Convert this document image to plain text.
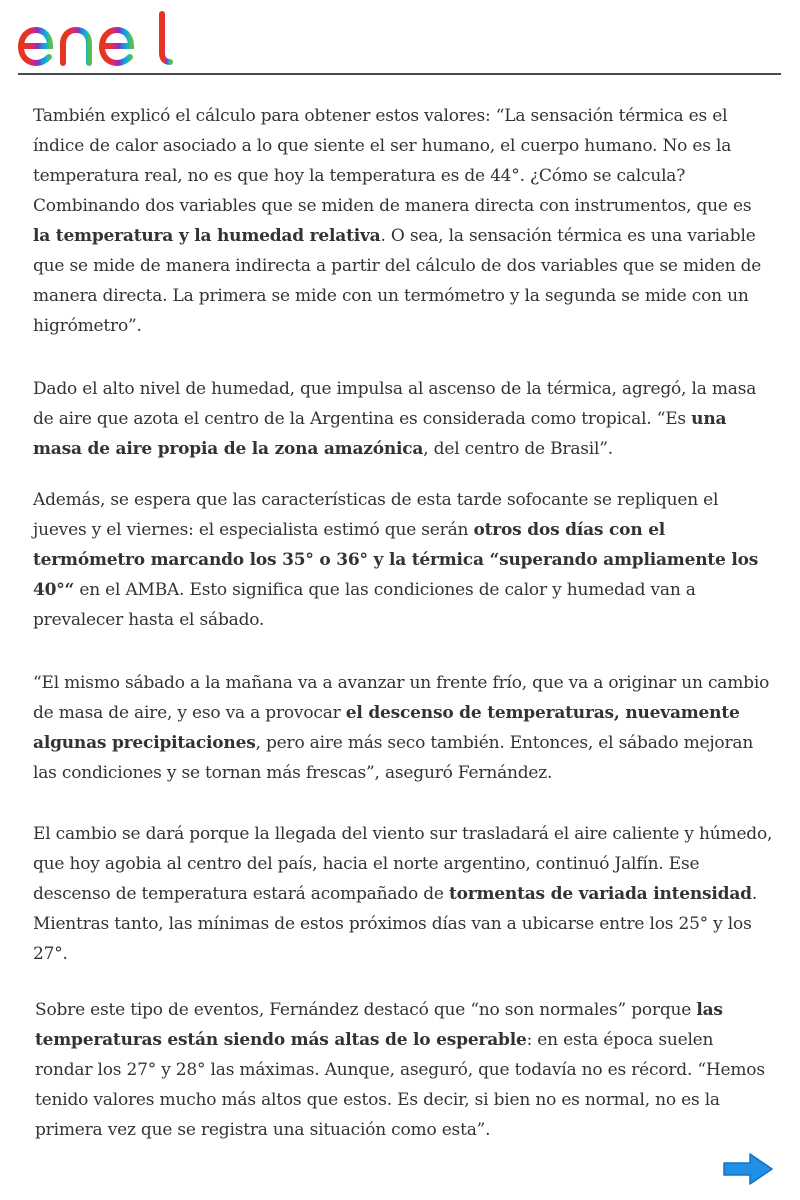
También explicó el cálculo para obtener estos valores: “La sensación térmica es el índice de calor asociado a lo que siente el ser humano, el cuerpo humano. No es la temperatura real, no es que hoy la temperatura es de 44°. ¿Cómo se calcula? Combinando dos variables que se miden de manera directa con instrumentos, que es la temperatura y la humedad relativa. O sea, la sensación térmica es una variable que se mide de manera indirecta a partir del cálculo de dos variables que se miden de manera directa. La primera se mide con un termómetro y la segunda se mide con un higrómetro”.

Dado el alto nivel de humedad, que impulsa al ascenso de la térmica, agregó, la masa de aire que azota el centro de la Argentina es considerada como tropical. “Es una masa de aire propia de la zona amazónica, del centro de Brasil”.

Además, se espera que las características de esta tarde sofocante se repliquen el jueves y el viernes: el especialista estimó que serán otros dos días con el termómetro marcando los 35° o 36° y la térmica “superando ampliamente los 40°“ en el AMBA. Esto significa que las condiciones de calor y humedad van a prevalecer hasta el sábado.

“El mismo sábado a la mañana va a avanzar un frente frío, que va a originar un cambio de masa de aire, y eso va a provocar el descenso de temperaturas, nuevamente algunas precipitaciones, pero aire más seco también. Entonces, el sábado mejoran las condiciones y se tornan más frescas”, aseguró Fernández.

El cambio se dará porque la llegada del viento sur trasladará el aire caliente y húmedo, que hoy agobia al centro del país, hacia el norte argentino, continuó Jalfín. Ese descenso de temperatura estará acompañado de tormentas de variada intensidad. Mientras tanto, las mínimas de estos próximos días van a ubicarse entre los 25° y los 27°.

Sobre este tipo de eventos, Fernández destacó que “no son normales” porque las temperaturas están siendo más altas de lo esperable: en esta época suelen rondar los 27° y 28° las máximas. Aunque, aseguró, que todavía no es récord. “Hemos tenido valores mucho más altos que estos. Es decir, si bien no es normal, no es la primera vez que se registra una situación como esta”.
